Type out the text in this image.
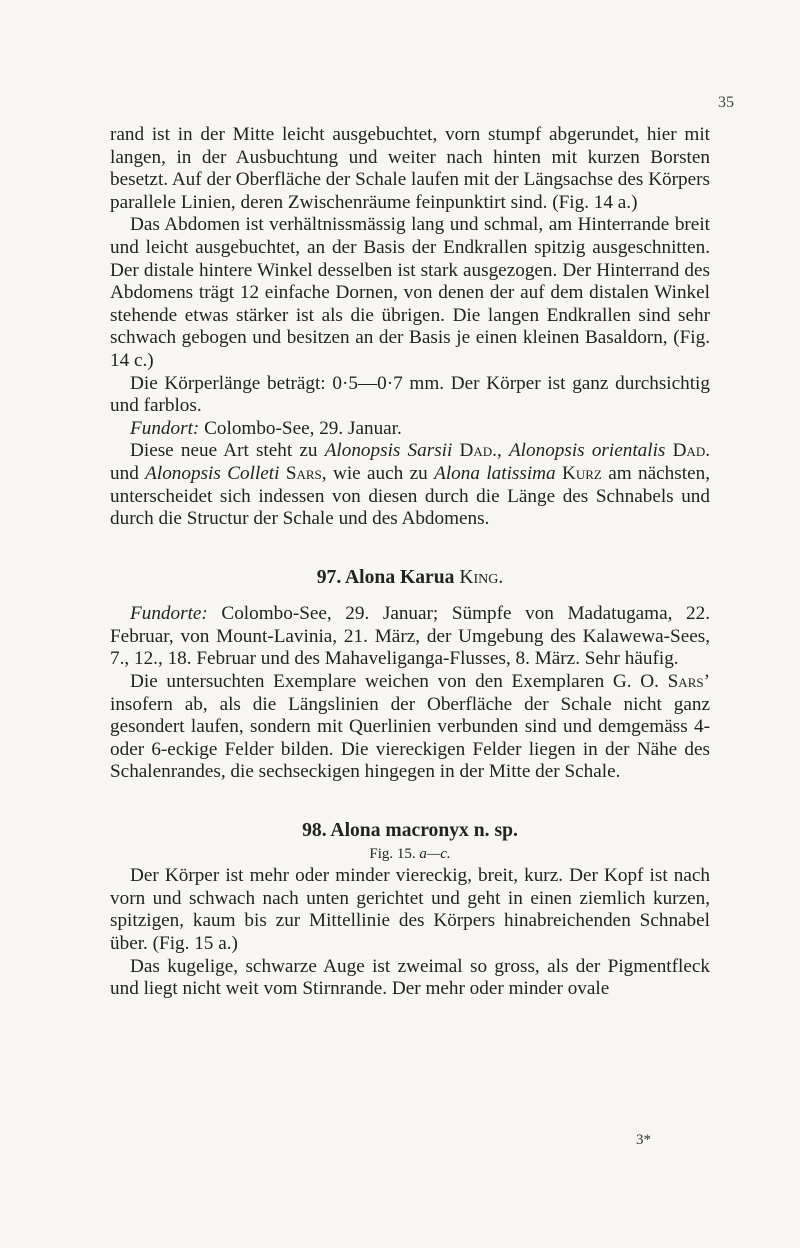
35

rand ist in der Mitte leicht ausgebuchtet, vorn stumpf abgerundet, hier mit langen, in der Ausbuchtung und weiter nach hinten mit kurzen Borsten besetzt. Auf der Oberfläche der Schale laufen mit der Längsachse des Körpers parallele Linien, deren Zwischenräume feinpunktirt sind. (Fig. 14 a.)

Das Abdomen ist verhältnissmässig lang und schmal, am Hinterrande breit und leicht ausgebuchtet, an der Basis der Endkrallen spitzig ausgeschnitten. Der distale hintere Winkel desselben ist stark ausgezogen. Der Hinterrand des Abdomens trägt 12 einfache Dornen, von denen der auf dem distalen Winkel stehende etwas stärker ist als die übrigen. Die langen Endkrallen sind sehr schwach gebogen und besitzen an der Basis je einen kleinen Basaldorn, (Fig. 14 c.)

Die Körperlänge beträgt: 0·5—0·7 mm. Der Körper ist ganz durchsichtig und farblos.

Fundort: Colombo-See, 29. Januar.

Diese neue Art steht zu Alonopsis Sarsii Dad., Alonopsis orientalis Dad. und Alonopsis Colleti Sars, wie auch zu Alona latissima Kurz am nächsten, unterscheidet sich indessen von diesen durch die Länge des Schnabels und durch die Structur der Schale und des Abdomens.

97. Alona Karua King.

Fundorte: Colombo-See, 29. Januar; Sümpfe von Madatugama, 22. Februar, von Mount-Lavinia, 21. März, der Umgebung des Kalawewa-Sees, 7., 12., 18. Februar und des Mahaveliganga-Flusses, 8. März. Sehr häufig.

Die untersuchten Exemplare weichen von den Exemplaren G. O. Sars’ insofern ab, als die Längslinien der Oberfläche der Schale nicht ganz gesondert laufen, sondern mit Querlinien verbunden sind und demgemäss 4- oder 6-eckige Felder bilden. Die viereckigen Felder liegen in der Nähe des Schalenrandes, die sechseckigen hingegen in der Mitte der Schale.

98. Alona macronyx n. sp.

Fig. 15. a—c.

Der Körper ist mehr oder minder viereckig, breit, kurz. Der Kopf ist nach vorn und schwach nach unten gerichtet und geht in einen ziemlich kurzen, spitzigen, kaum bis zur Mittellinie des Körpers hinabreichenden Schnabel über. (Fig. 15 a.)

Das kugelige, schwarze Auge ist zweimal so gross, als der Pigmentfleck und liegt nicht weit vom Stirnrande. Der mehr oder minder ovale

3*
